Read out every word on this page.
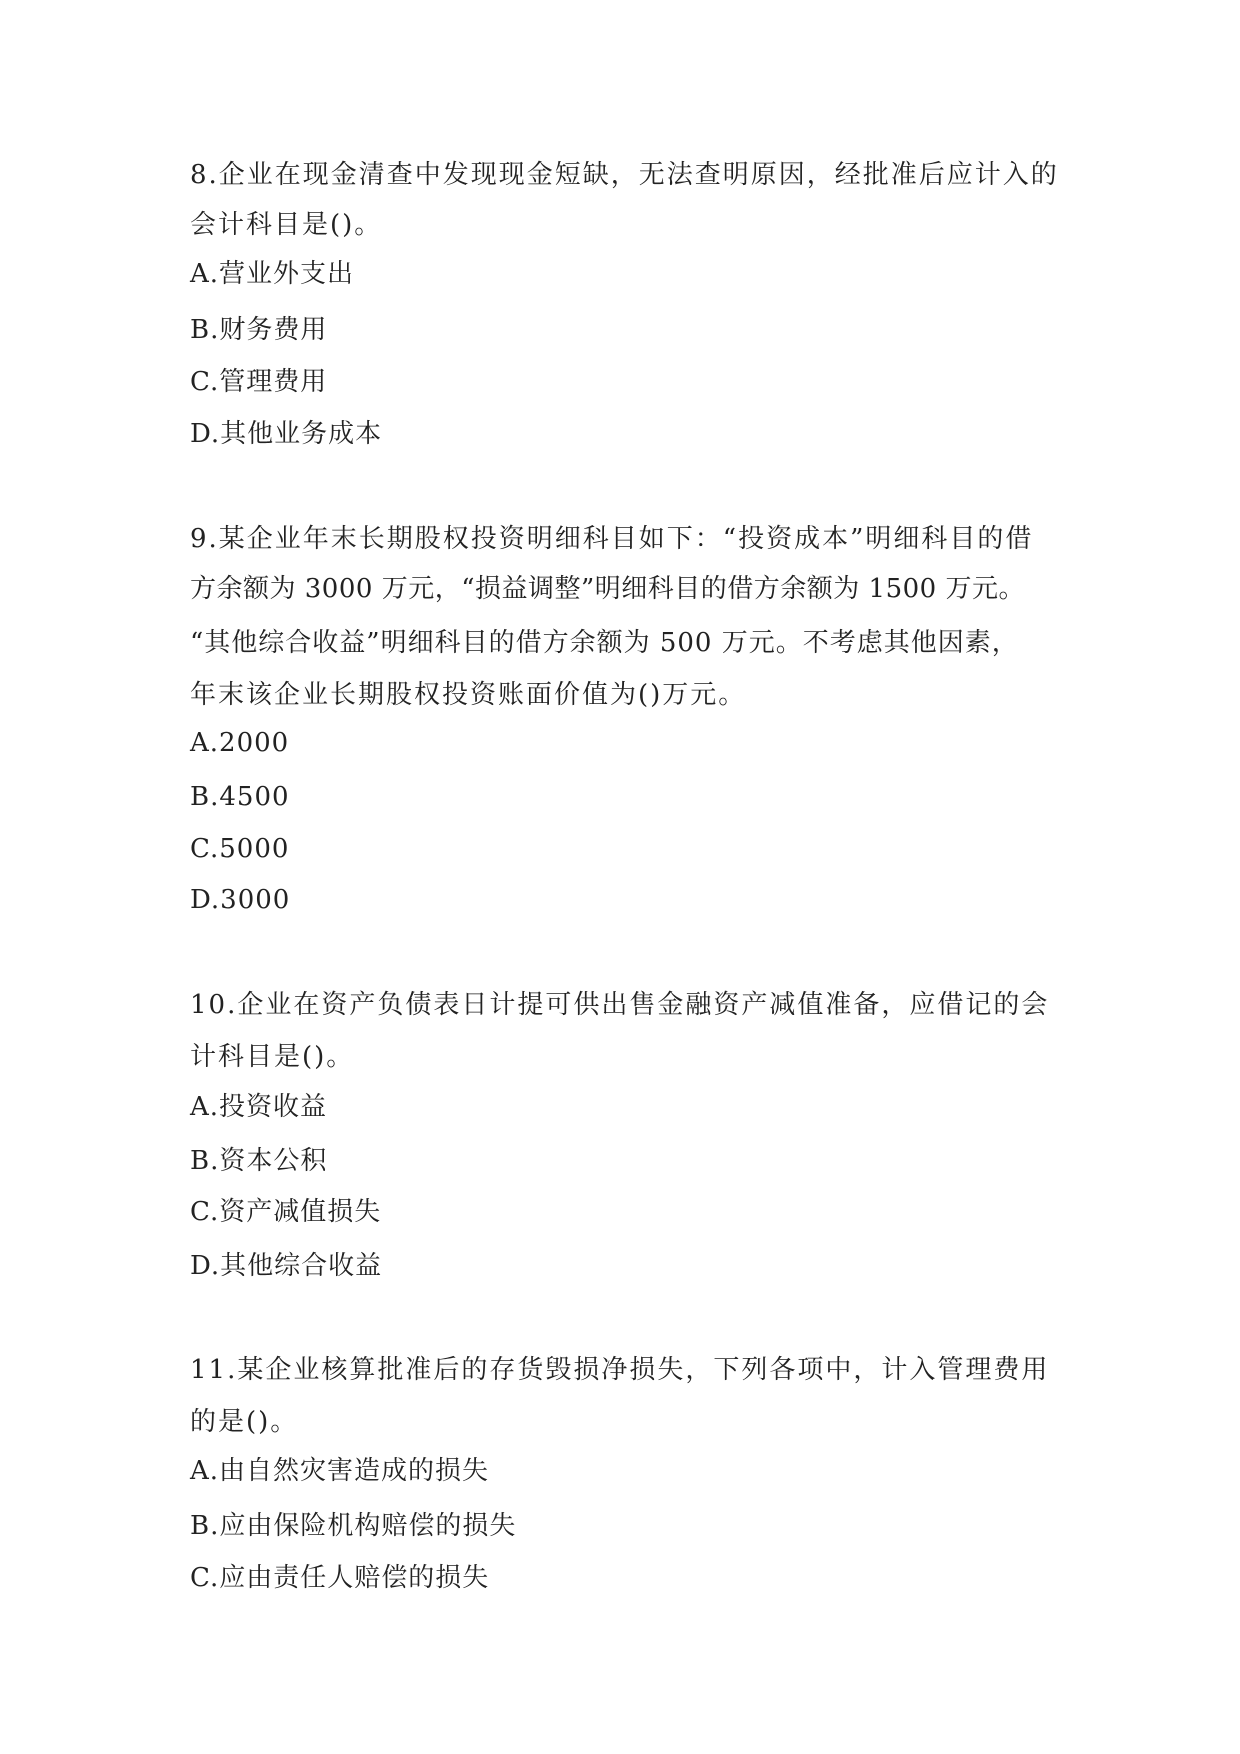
8.企业在现金清查中发现现金短缺，无法查明原因，经批准后应计入的
会计科目是()。
A.营业外支出
B.财务费用
C.管理费用
D.其他业务成本
9.某企业年末长期股权投资明细科目如下：“投资成本”明细科目的借
方余额为 3000 万元，“损益调整”明细科目的借方余额为 1500 万元。
“其他综合收益”明细科目的借方余额为 500 万元。不考虑其他因素，
年末该企业长期股权投资账面价值为()万元。
A.2000
B.4500
C.5000
D.3000
10.企业在资产负债表日计提可供出售金融资产减值准备，应借记的会
计科目是()。
A.投资收益
B.资本公积
C.资产减值损失
D.其他综合收益
11.某企业核算批准后的存货毁损净损失，下列各项中，计入管理费用
的是()。
A.由自然灾害造成的损失
B.应由保险机构赔偿的损失
C.应由责任人赔偿的损失
